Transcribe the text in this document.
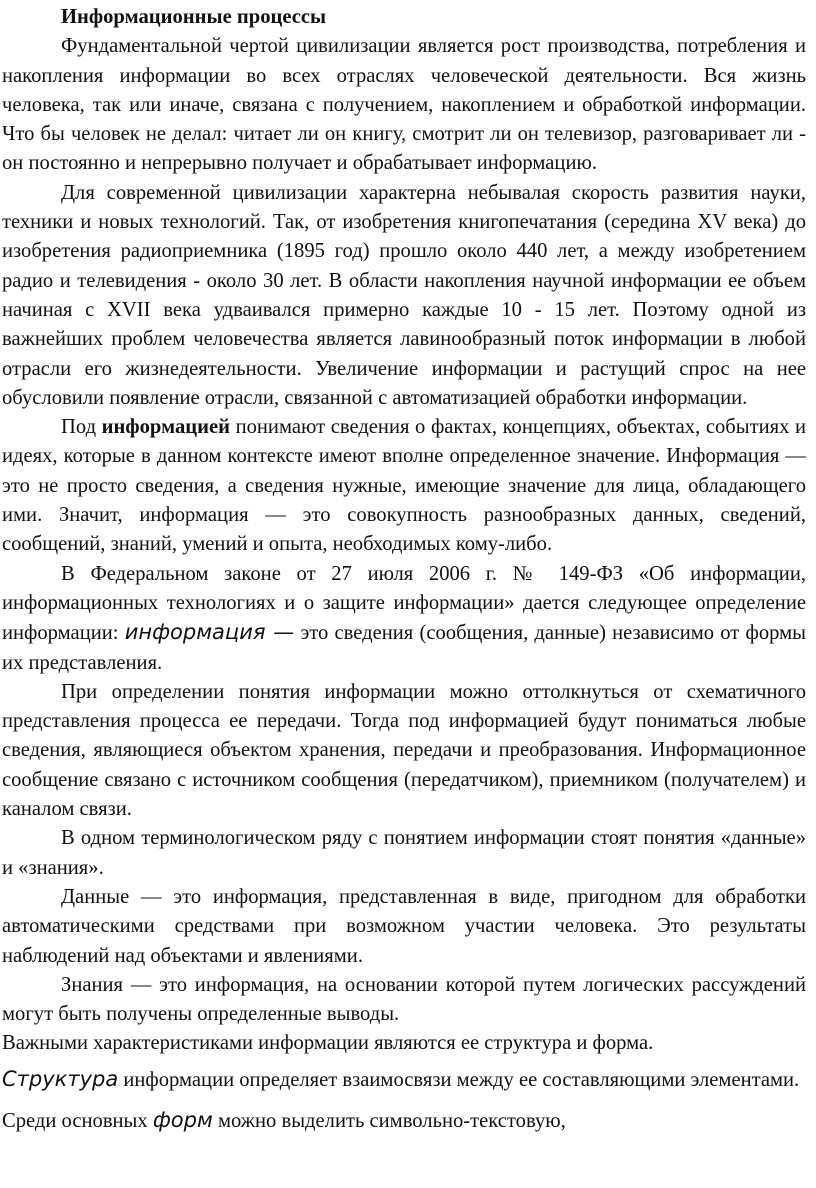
Информационные процессы

Фундаментальной чертой цивилизации является рост производства, потребления и накопления информации во всех отраслях человеческой деятельности. Вся жизнь человека, так или иначе, связана с получением, накоплением и обработкой информации. Что бы человек не делал: читает ли он книгу, смотрит ли он телевизор, разговаривает ли - он постоянно и непрерывно получает и обрабатывает информацию.

Для современной цивилизации характерна небывалая скорость развития науки, техники и новых технологий. Так, от изобретения книгопечатания (середина XV века) до изобретения радиоприемника (1895 год) прошло около 440 лет, а между изобретением радио и телевидения - около 30 лет. В области накопления научной информации ее объем начиная с XVII века удваивался примерно каждые 10 - 15 лет. Поэтому одной из важнейших проблем человечества является лавинообразный поток информации в любой отрасли его жизнедеятельности. Увеличение информации и растущий спрос на нее обусловили появление отрасли, связанной с автоматизацией обработки информации.

Под информацией понимают сведения о фактах, концепциях, объектах, событиях и идеях, которые в данном контексте имеют вполне определенное значение. Информация — это не просто сведения, а сведения нужные, имеющие значение для лица, обладающего ими. Значит, информация — это совокупность разнообразных данных, сведений, сообщений, знаний, умений и опыта, необходимых кому-либо.

В Федеральном законе от 27 июля 2006 г. № 149-ФЗ «Об информации, информационных технологиях и о защите информации» дается следующее определение информации: информация — это сведения (сообщения, данные) независимо от формы их представления.

При определении понятия информации можно оттолкнуться от схематичного представления процесса ее передачи. Тогда под информацией будут пониматься любые сведения, являющиеся объектом хранения, передачи и преобразования. Информационное сообщение связано с источником сообщения (передатчиком), приемником (получателем) и каналом связи.

В одном терминологическом ряду с понятием информации стоят понятия «данные» и «знания».

Данные — это информация, представленная в виде, пригодном для обработки автоматическими средствами при возможном участии человека. Это результаты наблюдений над объектами и явлениями.

Знания — это информация, на основании которой путем логических рассуждений могут быть получены определенные выводы.

Важными характеристиками информации являются ее структура и форма.

Структура информации определяет взаимосвязи между ее составляющими элементами. Среди основных форм можно выделить символьно-текстовую,
